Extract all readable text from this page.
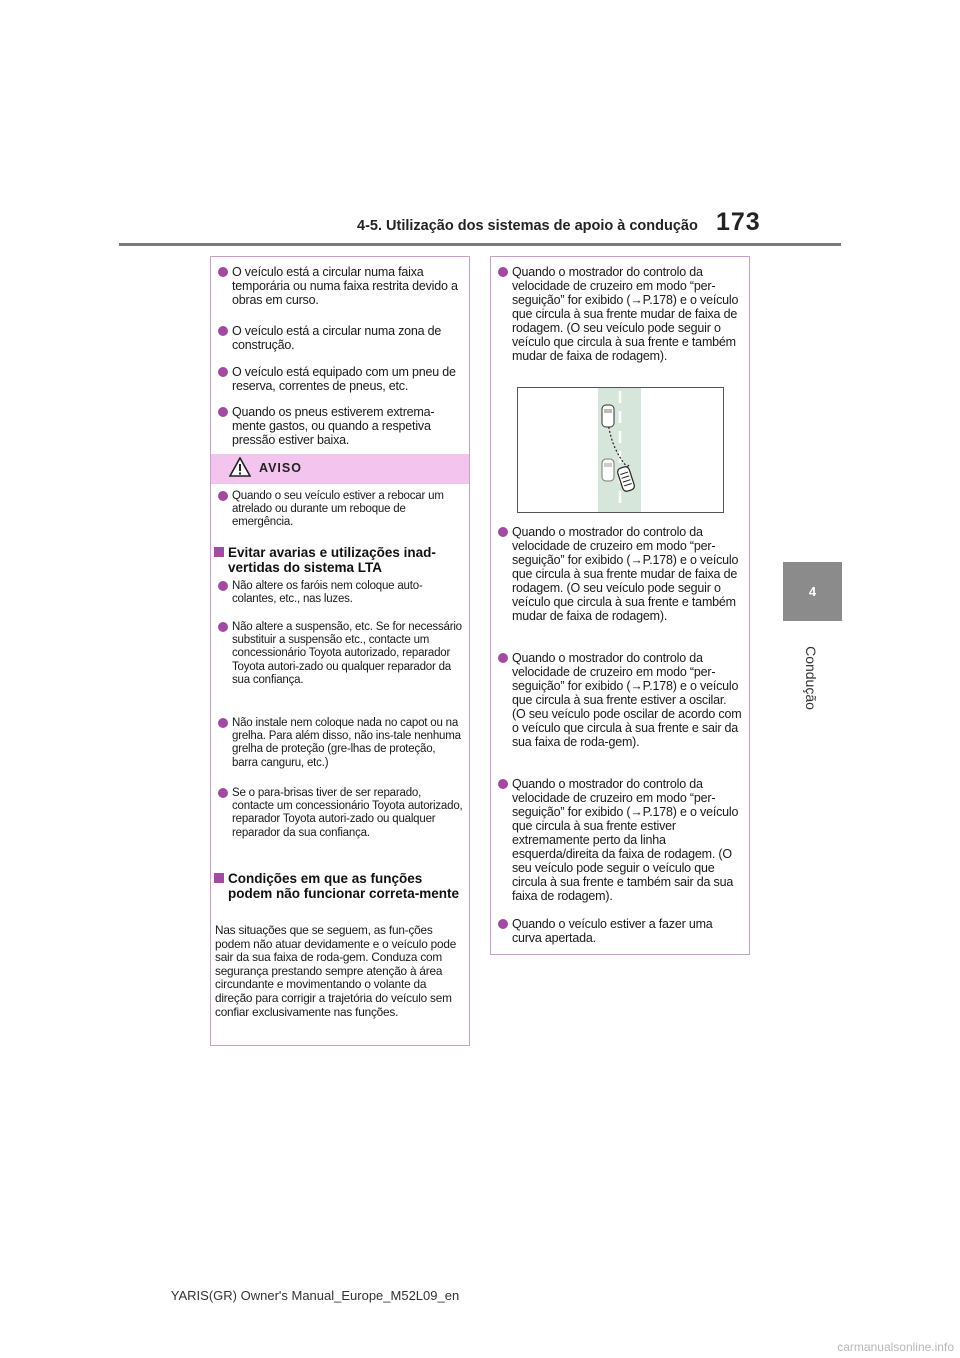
4-5. Utilização dos sistemas de apoio à condução 173
4
Condução
O veículo está a circular numa faixa temporária ou numa faixa restrita devido a obras em curso.
O veículo está a circular numa zona de construção.
O veículo está equipado com um pneu de reserva, correntes de pneus, etc.
Quando os pneus estiverem extrema-mente gastos, ou quando a respetiva pressão estiver baixa.
AVISO
Quando o seu veículo estiver a rebocar um atrelado ou durante um reboque de emergência.
Evitar avarias e utilizações inad-vertidas do sistema LTA
Não altere os faróis nem coloque auto-colantes, etc., nas luzes.
Não altere a suspensão, etc. Se for necessário substituir a suspensão etc., contacte um concessionário Toyota autorizado, reparador Toyota autori-zado ou qualquer reparador da sua confiança.
Não instale nem coloque nada no capot ou na grelha. Para além disso, não ins-tale nenhuma grelha de proteção (gre-lhas de proteção, barra canguru, etc.)
Se o para-brisas tiver de ser reparado, contacte um concessionário Toyota autorizado, reparador Toyota autori-zado ou qualquer reparador da sua confiança.
Condições em que as funções podem não funcionar correta-mente
Nas situações que se seguem, as fun-ções podem não atuar devidamente e o veículo pode sair da sua faixa de roda-gem. Conduza com segurança prestando sempre atenção à área circundante e movimentando o volante da direção para corrigir a trajetória do veículo sem confiar exclusivamente nas funções.
Quando o mostrador do controlo da velocidade de cruzeiro em modo “per-seguição” for exibido (→P.178) e o veículo que circula à sua frente mudar de faixa de rodagem. (O seu veículo pode seguir o veículo que circula à sua frente e também mudar de faixa de rodagem).
Quando o mostrador do controlo da velocidade de cruzeiro em modo “per-seguição” for exibido (→P.178) e o veículo que circula à sua frente mudar de faixa de rodagem. (O seu veículo pode seguir o veículo que circula à sua frente e também mudar de faixa de rodagem).
Quando o mostrador do controlo da velocidade de cruzeiro em modo “per-seguição” for exibido (→P.178) e o veículo que circula à sua frente estiver a oscilar. (O seu veículo pode oscilar de acordo com o veículo que circula à sua frente e sair da sua faixa de roda-gem).
Quando o mostrador do controlo da velocidade de cruzeiro em modo “per-seguição” for exibido (→P.178) e o veículo que circula à sua frente estiver extremamente perto da linha esquerda/direita da faixa de rodagem. (O seu veículo pode seguir o veículo que circula à sua frente e também sair da sua faixa de rodagem).
Quando o veículo estiver a fazer uma curva apertada.
YARIS(GR) Owner's Manual_Europe_M52L09_en
carmanualsonline.info
